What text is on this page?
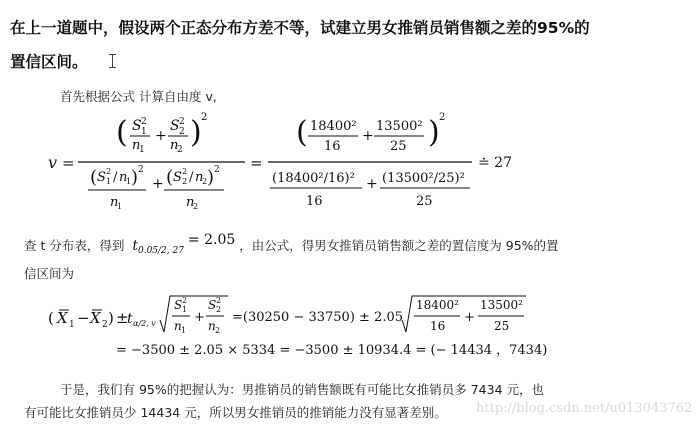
在上一道题中，假设两个正态分布方差不等，试建立男女推销员销售额之差的95%的
置信区间。
首先根据公式 计算自由度 v,
v =
( S 2
1
n
1
+
S 2
2
n
2 ) 2
( S 2
1 / n
1 ) 2
n
1
+ ( S 2
2 / n
2 ) 2
n
2
=
( 18400²
16
+
13500²
25 ) 2
(18400²/16)²
16
+ (13500²/25)²
25
≐ 27
查 t 分布表，得到 $t_{0.05/2, 27} = 2.05$ ，由公式，得男女推销员销售额之差的置信度为 95%的置
信区间为
( X 1 − X 2 ) ±
t α/2, v
S 2
1
n 1
+
S 2
2
n 2
=(30250 − 33750) ± 2.05
18400²
16
+
13500²
25
= −3500 ± 2.05 × 5334 = −3500 ± 10934.4 = (− 14434 ，7434)
于是，我们有 95%的把握认为：男推销员的销售额既有可能比女推销员多 7434 元，也
有可能比女推销员少 14434 元，所以男女推销员的推销能力没有显著差别。 http://blog.csdn.net/u013043762
